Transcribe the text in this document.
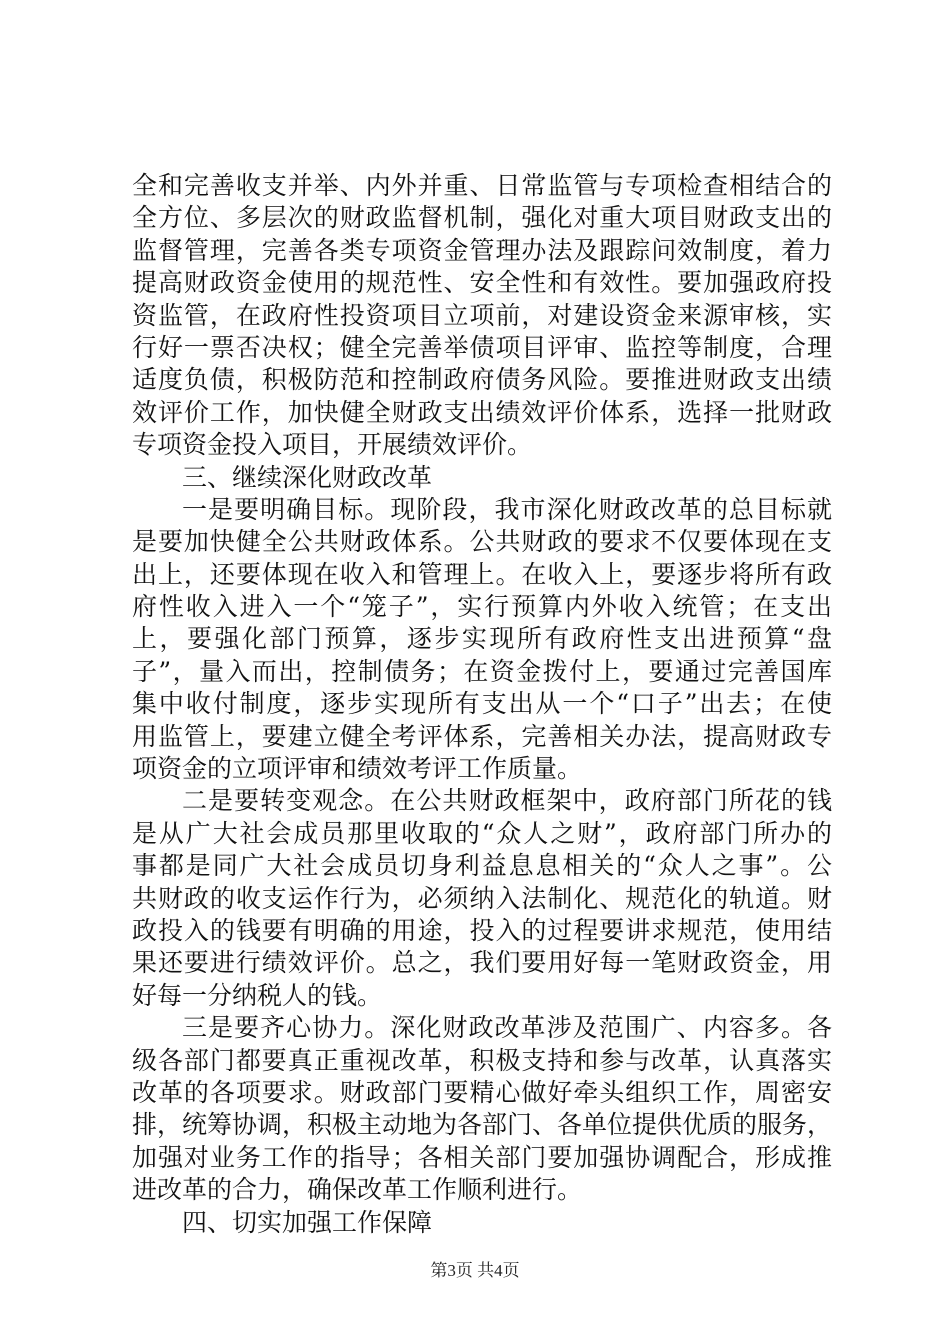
全和完善收支并举、内外并重、日常监管与专项检查相结合的
全方位、多层次的财政监督机制，强化对重大项目财政支出的
监督管理，完善各类专项资金管理办法及跟踪问效制度，着力
提高财政资金使用的规范性、安全性和有效性。要加强政府投
资监管，在政府性投资项目立项前，对建设资金来源审核，实
行好一票否决权；健全完善举债项目评审、监控等制度，合理
适度负债，积极防范和控制政府债务风险。要推进财政支出绩
效评价工作，加快健全财政支出绩效评价体系，选择一批财政
专项资金投入项目，开展绩效评价。
三、继续深化财政改革
一是要明确目标。现阶段，我市深化财政改革的总目标就
是要加快健全公共财政体系。公共财政的要求不仅要体现在支
出上，还要体现在收入和管理上。在收入上，要逐步将所有政
府性收入进入一个“笼子”，实行预算内外收入统管；在支出
上，要强化部门预算，逐步实现所有政府性支出进预算“盘
子”，量入而出，控制债务；在资金拨付上，要通过完善国库
集中收付制度，逐步实现所有支出从一个“口子”出去；在使
用监管上，要建立健全考评体系，完善相关办法，提高财政专
项资金的立项评审和绩效考评工作质量。
二是要转变观念。在公共财政框架中，政府部门所花的钱
是从广大社会成员那里收取的“众人之财”，政府部门所办的
事都是同广大社会成员切身利益息息相关的“众人之事”。公
共财政的收支运作行为，必须纳入法制化、规范化的轨道。财
政投入的钱要有明确的用途，投入的过程要讲求规范，使用结
果还要进行绩效评价。总之，我们要用好每一笔财政资金，用
好每一分纳税人的钱。
三是要齐心协力。深化财政改革涉及范围广、内容多。各
级各部门都要真正重视改革，积极支持和参与改革，认真落实
改革的各项要求。财政部门要精心做好牵头组织工作，周密安
排，统筹协调，积极主动地为各部门、各单位提供优质的服务，
加强对业务工作的指导；各相关部门要加强协调配合，形成推
进改革的合力，确保改革工作顺利进行。
四、切实加强工作保障
第3页 共4页
